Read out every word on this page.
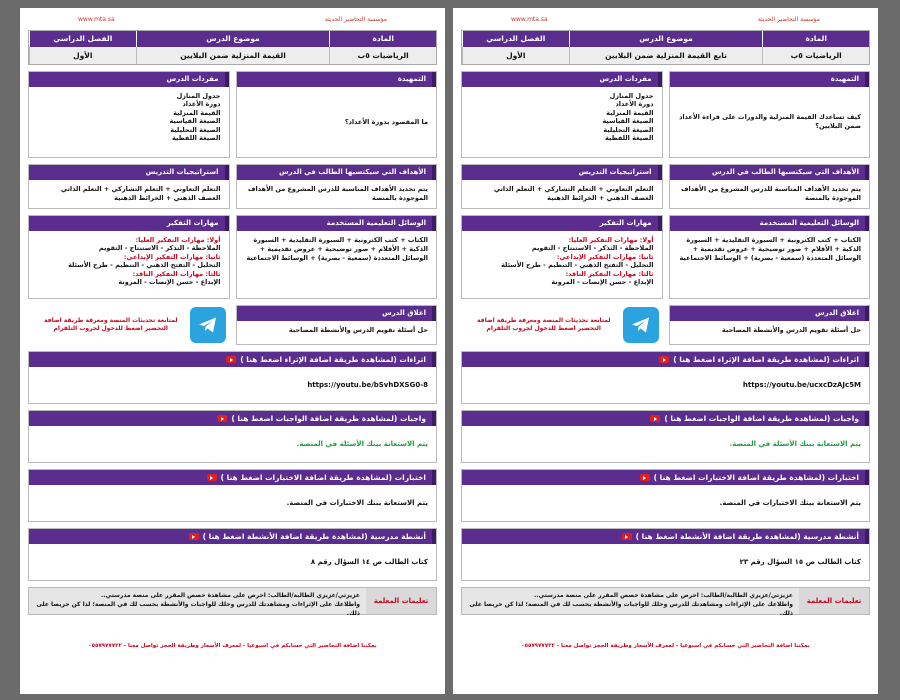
مؤسسة التحاضير الحديثة
www.mta.sa
المادة
موضوع الدرس
الفصل الدراسي
الرياضيات ٥ب
القيمة المنزلية ضمن البلايين
الأول
التمهيدة
ما المقصود بدورة الأعداد؟
مفردات الدرس
جدول المنازل
دورة الأعداد
القيمة المنزلية
الصيغة القياسية
الصيغة التحليلية
الصيغة اللفظية
الأهداف التي سيكتسبها الطالب في الدرس
يتم تحديد الأهداف المناسبة للدرس المشروع من الأهداف الموجودة بالمنصة
استراتيجيات التدريس
التعلم التعاوني + التعلم التشاركي + التعلم الذاتي
العصف الذهني + الخرائط الذهنية
الوسائل التعليمية المستخدمة
الكتاب + كتب الكترونية + السبورة التقليدية + السبورة الذكية + الأقلام + صور توضيحية + عروض تقديمية + الوسائل المتعددة (سمعية - بصرية) + الوسائط الاجتماعية
مهارات التفكير
أولا: مهارات التفكير العليا:
الملاحظة - التذكر - الاستنتاج - التقويم
ثانيا: مهارات التفكير الإبداعي:
التحليل - التفتح الذهني - التنظيم - طرح الأسئلة
ثالثا: مهارات التفكير الناقد:
الإبداع - حسن الإنصات - المرونة
اغلاق الدرس
حل أسئلة تقويم الدرس والأنشطة المصاحبة
لمتابعة تحديثات المنصة ومعرفة طريقة اضافة التحضير اضغط للدخول لجروب التلقرام
اثراءات (لمشاهدة طريقة اضافة الإثراء اضغط هنا )
https://youtu.be/bSvhDXSG0-8
واجبات (لمشاهدة طريقة اضافة الواجبات اضغط هنا )
يتم الاستعانة ببنك الأسئلة في المنصة.
اختبارات (لمشاهدة طريقة اضافة الاختبارات اضغط هنا )
يتم الاستعانة ببنك الاختبارات في المنصة.
أنشطة مدرسية (لمشاهدة طريقة اضافة الأنشطة اضغط هنا )
كتاب الطالب ص ١٤ السؤال رقم ٨
تعليمات المعلمة
عزيزتي/عزيزي الطالبة/الطالب: احرص على مشاهدة حصص المقرر على منصة مدرستي..
واطلاعك على الإثراءات ومشاهدتك للدرس وحلك للواجبات والأنشطة بحسب لك في المنصة؛ لذا كن حريصا على ذلك.
بمكننا اضافة التحاضير التي حسابكم في اسبوعيا - لمعرف الأسعار وطريقة الحجز تواصل معنا - ٠٥٥٧٩٧٧٧٢٢
مؤسسة التحاضير الحديثة
www.mta.sa
المادة
موضوع الدرس
الفصل الدراسي
الرياضيات ٥ب
تابع القيمة المنزلية ضمن البلايين
الأول
التمهيدة
كيف تساعدك القيمة المنزلية والدورات على قراءة الأعداد ضمن البلايين؟
مفردات الدرس
جدول المنازل
دورة الأعداد
القيمة المنزلية
الصيغة القياسية
الصيغة التحليلية
الصيغة اللفظية
الأهداف التي سيكتسبها الطالب في الدرس
يتم تحديد الأهداف المناسبة للدرس المشروع من الأهداف الموجودة بالمنصة
استراتيجيات التدريس
التعلم التعاوني + التعلم التشاركي + التعلم الذاتي
العصف الذهني + الخرائط الذهنية
الوسائل التعليمية المستخدمة
الكتاب + كتب الكترونية + السبورة التقليدية + السبورة الذكية + الأقلام + صور توضيحية + عروض تقديمية + الوسائل المتعددة (سمعية - بصرية) + الوسائط الاجتماعية
مهارات التفكير
أولا: مهارات التفكير العليا:
الملاحظة - التذكر - الاستنتاج - التقويم
ثانيا: مهارات التفكير الإبداعي:
التحليل - التفتح الذهني - التنظيم - طرح الأسئلة
ثالثا: مهارات التفكير الناقد:
الإبداع - حسن الإنصات - المرونة
اغلاق الدرس
حل أسئلة تقويم الدرس والأنشطة المصاحبة
لمتابعة تحديثات المنصة ومعرفة طريقة اضافة التحضير اضغط للدخول لجروب التلقرام
اثراءات (لمشاهدة طريقة اضافة الإثراء اضغط هنا )
https://youtu.be/ucxcDzAJc5M
واجبات (لمشاهدة طريقة اضافة الواجبات اضغط هنا )
يتم الاستعانة ببنك الأسئلة في المنصة.
اختبارات (لمشاهدة طريقة اضافة الاختبارات اضغط هنا )
يتم الاستعانة ببنك الاختبارات في المنصة.
أنشطة مدرسية (لمشاهدة طريقة اضافة الأنشطة اضغط هنا )
كتاب الطالب ص ١٥ السؤال رقم ٢٣
تعليمات المعلمة
عزيزتي/عزيزي الطالبة/الطالب: احرص على مشاهدة حصص المقرر على منصة مدرستي..
واطلاعك على الإثراءات ومشاهدتك للدرس وحلك للواجبات والأنشطة بحسب لك في المنصة؛ لذا كن حريصا على ذلك.
بمكننا اضافة التحاضير التي حسابكم في اسبوعيا - لمعرف الأسعار وطريقة الحجز تواصل معنا - ٠٥٥٧٩٧٧٧٢٢
